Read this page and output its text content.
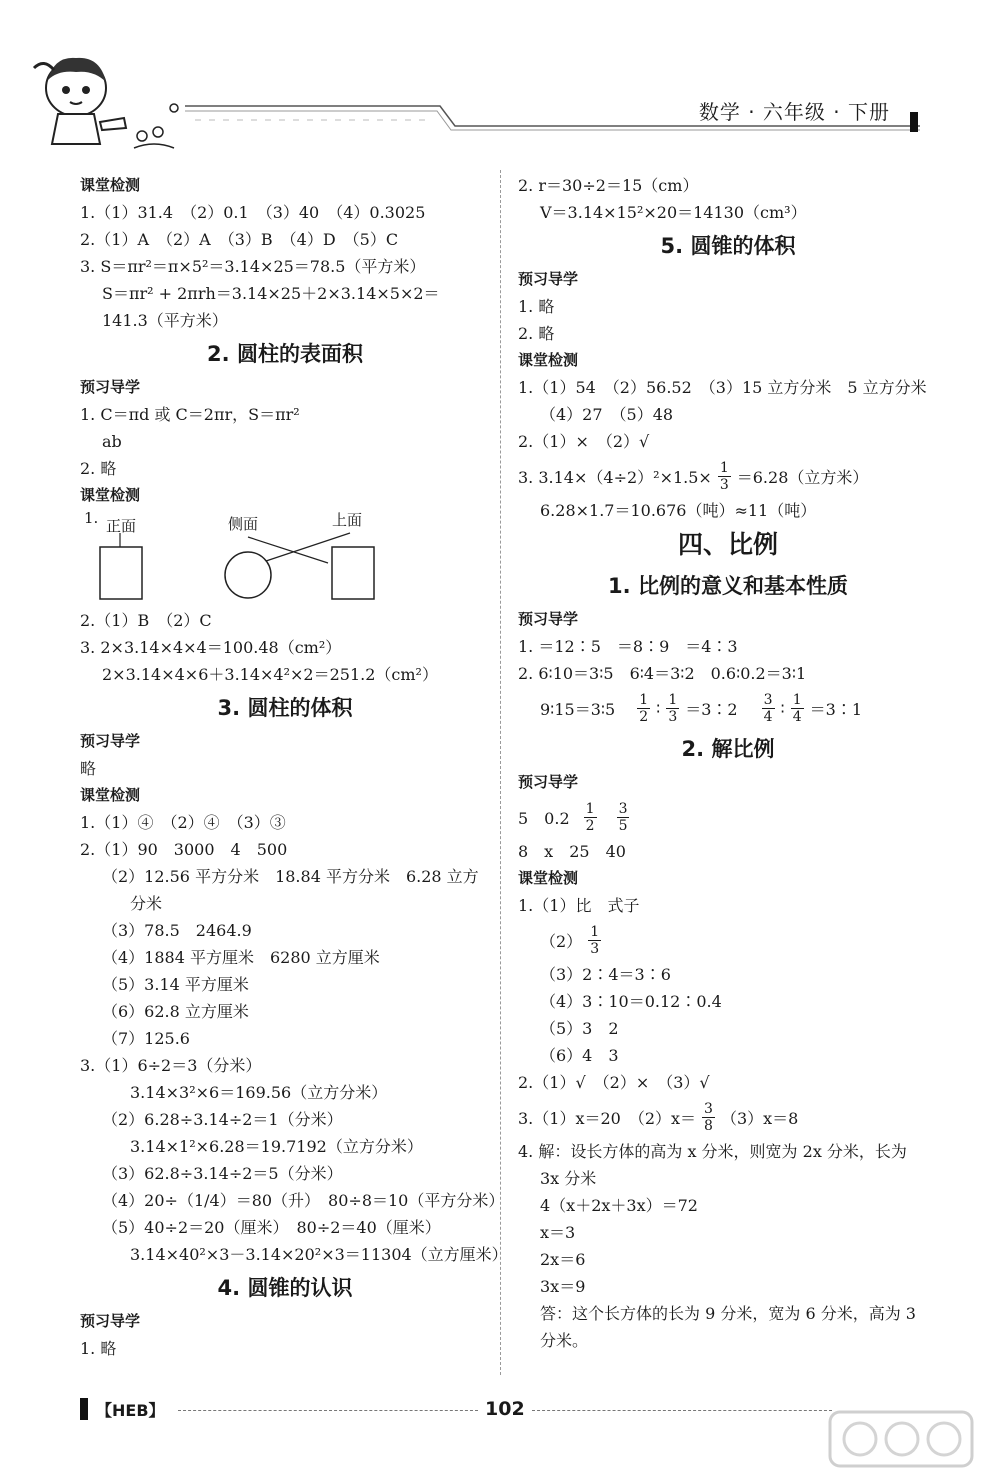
数学 · 六年级 · 下册
课堂检测
1.（1）31.4　（2）0.1　（3）40　（4）0.3025
2.（1）A　（2）A　（3）B　（4）D　（5）C
3. S＝πr²＝π×5²＝3.14×25＝78.5（平方米）
S＝πr² + 2πrh＝3.14×25＋2×3.14×5×2＝
141.3（平方米）
2. 圆柱的表面积
预习导学
1. C＝πd 或 C＝2πr，S＝πr²
ab
2. 略
课堂检测
1. 正面	侧面	上面
2.（1）B　（2）C
3. 2×3.14×4×4＝100.48（cm²）
2×3.14×4×6＋3.14×4²×2＝251.2（cm²）
3. 圆柱的体积
预习导学
略
课堂检测
1.（1）④　（2）④　（3）③
2.（1）90　3000　4　500
（2）12.56 平方分米　18.84 平方分米　6.28 立方
分米
（3）78.5　2464.9
（4）1884 平方厘米　6280 立方厘米
（5）3.14 平方厘米
（6）62.8 立方厘米
（7）125.6
3.（1）6÷2＝3（分米）
3.14×3²×6＝169.56（立方分米）
（2）6.28÷3.14÷2＝1（分米）
3.14×1²×6.28＝19.7192（立方分米）
（3）62.8÷3.14÷2＝5（分米）
（4）20÷（1/4）＝80（升）　80÷8＝10（平方分米）
（5）40÷2＝20（厘米）　80÷2＝40（厘米）
3.14×40²×3－3.14×20²×3＝11304（立方厘米）
4. 圆锥的认识
预习导学
1. 略
2. r＝30÷2＝15（cm）
V＝3.14×15²×20＝14130（cm³）
5. 圆锥的体积
预习导学
1. 略
2. 略
课堂检测
1.（1）54　（2）56.52　（3）15 立方分米　5 立方分米
（4）27　（5）48
2.（1）×　（2）√
3. $3.14\times(4\div 2)^2\times 1.5\times \frac{1}{3} =6.28$（立方米）
6.28×1.7＝10.676（吨）≈11（吨）
四、比例
1. 比例的意义和基本性质
预习导学
1. ＝12∶5　＝8∶9　＝4∶3
2. 6∶10＝3∶5　6∶4＝3∶2　0.6∶0.2＝3∶1
9∶15＝3∶5 $\frac{1}{2}$ ∶ $\frac{1}{3}$ ＝3∶2 $\frac{3}{4}$ ∶ $\frac{1}{4}$ ＝3∶1
2. 解比例
预习导学
5　$0.2 \frac{1}{2} \frac{3}{5}$
8　x　25　40
课堂检测
1.（1）比　式子
$(2) \frac{1}{3}$
（3）2∶4＝3∶6
（4）3∶10＝0.12∶0.4
（5）3　2
（6）4　3
2.（1）√　（2）×　（3）√
3.（1）x＝20　$(2)x= \frac{3}{8} (3)x=8$
4. 解：设长方体的高为 x 分米，则宽为 2x 分米，长为
3x 分米
4（x＋2x＋3x）＝72
x＝3
2x＝6
3x＝9
答：这个长方体的长为 9 分米，宽为 6 分米，高为 3
分米。
【HEB】	102
